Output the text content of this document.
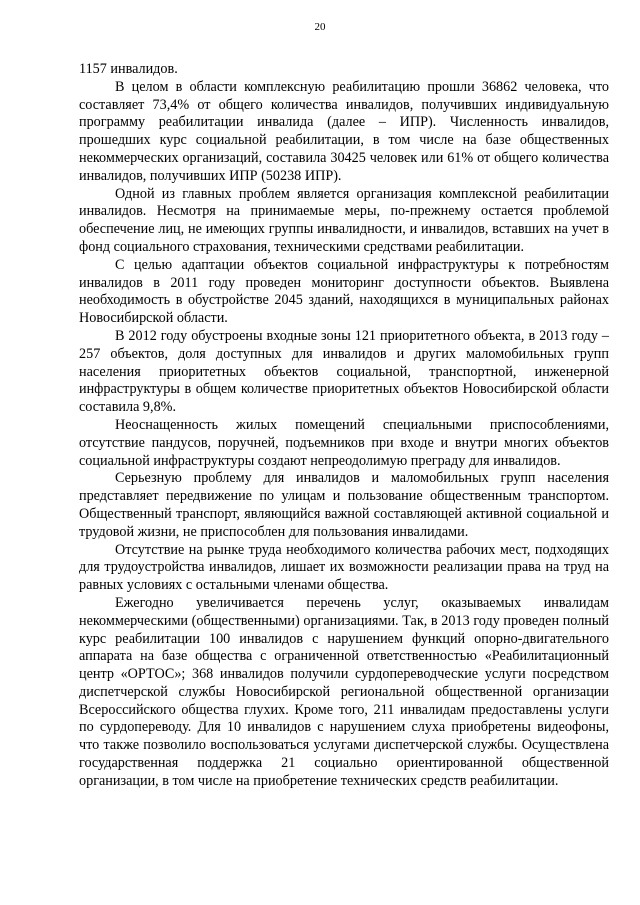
20

1157 инвалидов.

В целом в области комплексную реабилитацию прошли 36862 человека, что составляет 73,4% от общего количества инвалидов, получивших индивидуальную программу реабилитации инвалида (далее – ИПР). Численность инвалидов, прошедших курс социальной реабилитации, в том числе на базе общественных некоммерческих организаций, составила 30425 человек или 61% от общего количества инвалидов, получивших ИПР (50238 ИПР).

Одной из главных проблем является организация комплексной реабилитации инвалидов. Несмотря на принимаемые меры, по-прежнему остается проблемой обеспечение лиц, не имеющих группы инвалидности, и инвалидов, вставших на учет в фонд социального страхования, техническими средствами реабилитации.

С целью адаптации объектов социальной инфраструктуры к потребностям инвалидов в 2011 году проведен мониторинг доступности объектов. Выявлена необходимость в обустройстве 2045 зданий, находящихся в муниципальных районах Новосибирской области.

В 2012 году обустроены входные зоны 121 приоритетного объекта, в 2013 году – 257 объектов, доля доступных для инвалидов и других маломобильных групп населения приоритетных объектов социальной, транспортной, инженерной инфраструктуры в общем количестве приоритетных объектов Новосибирской области составила 9,8%.

Неоснащенность жилых помещений специальными приспособлениями, отсутствие пандусов, поручней, подъемников при входе и внутри многих объектов социальной инфраструктуры создают непреодолимую преграду для инвалидов.

Серьезную проблему для инвалидов и маломобильных групп населения представляет передвижение по улицам и пользование общественным транспортом. Общественный транспорт, являющийся важной составляющей активной социальной и трудовой жизни, не приспособлен для пользования инвалидами.

Отсутствие на рынке труда необходимого количества рабочих мест, подходящих для трудоустройства инвалидов, лишает их возможности реализации права на труд на равных условиях с остальными членами общества.

Ежегодно увеличивается перечень услуг, оказываемых инвалидам некоммерческими (общественными) организациями. Так, в 2013 году проведен полный курс реабилитации 100 инвалидов с нарушением функций опорно-двигательного аппарата на базе общества с ограниченной ответственностью «Реабилитационный центр «ОРТОС»; 368 инвалидов получили сурдопереводческие услуги посредством диспетчерской службы Новосибирской региональной общественной организации Всероссийского общества глухих. Кроме того, 211 инвалидам предоставлены услуги по сурдопереводу. Для 10 инвалидов с нарушением слуха приобретены видеофоны, что также позволило воспользоваться услугами диспетчерской службы. Осуществлена государственная поддержка 21 социально ориентированной общественной организации, в том числе на приобретение технических средств реабилитации.
